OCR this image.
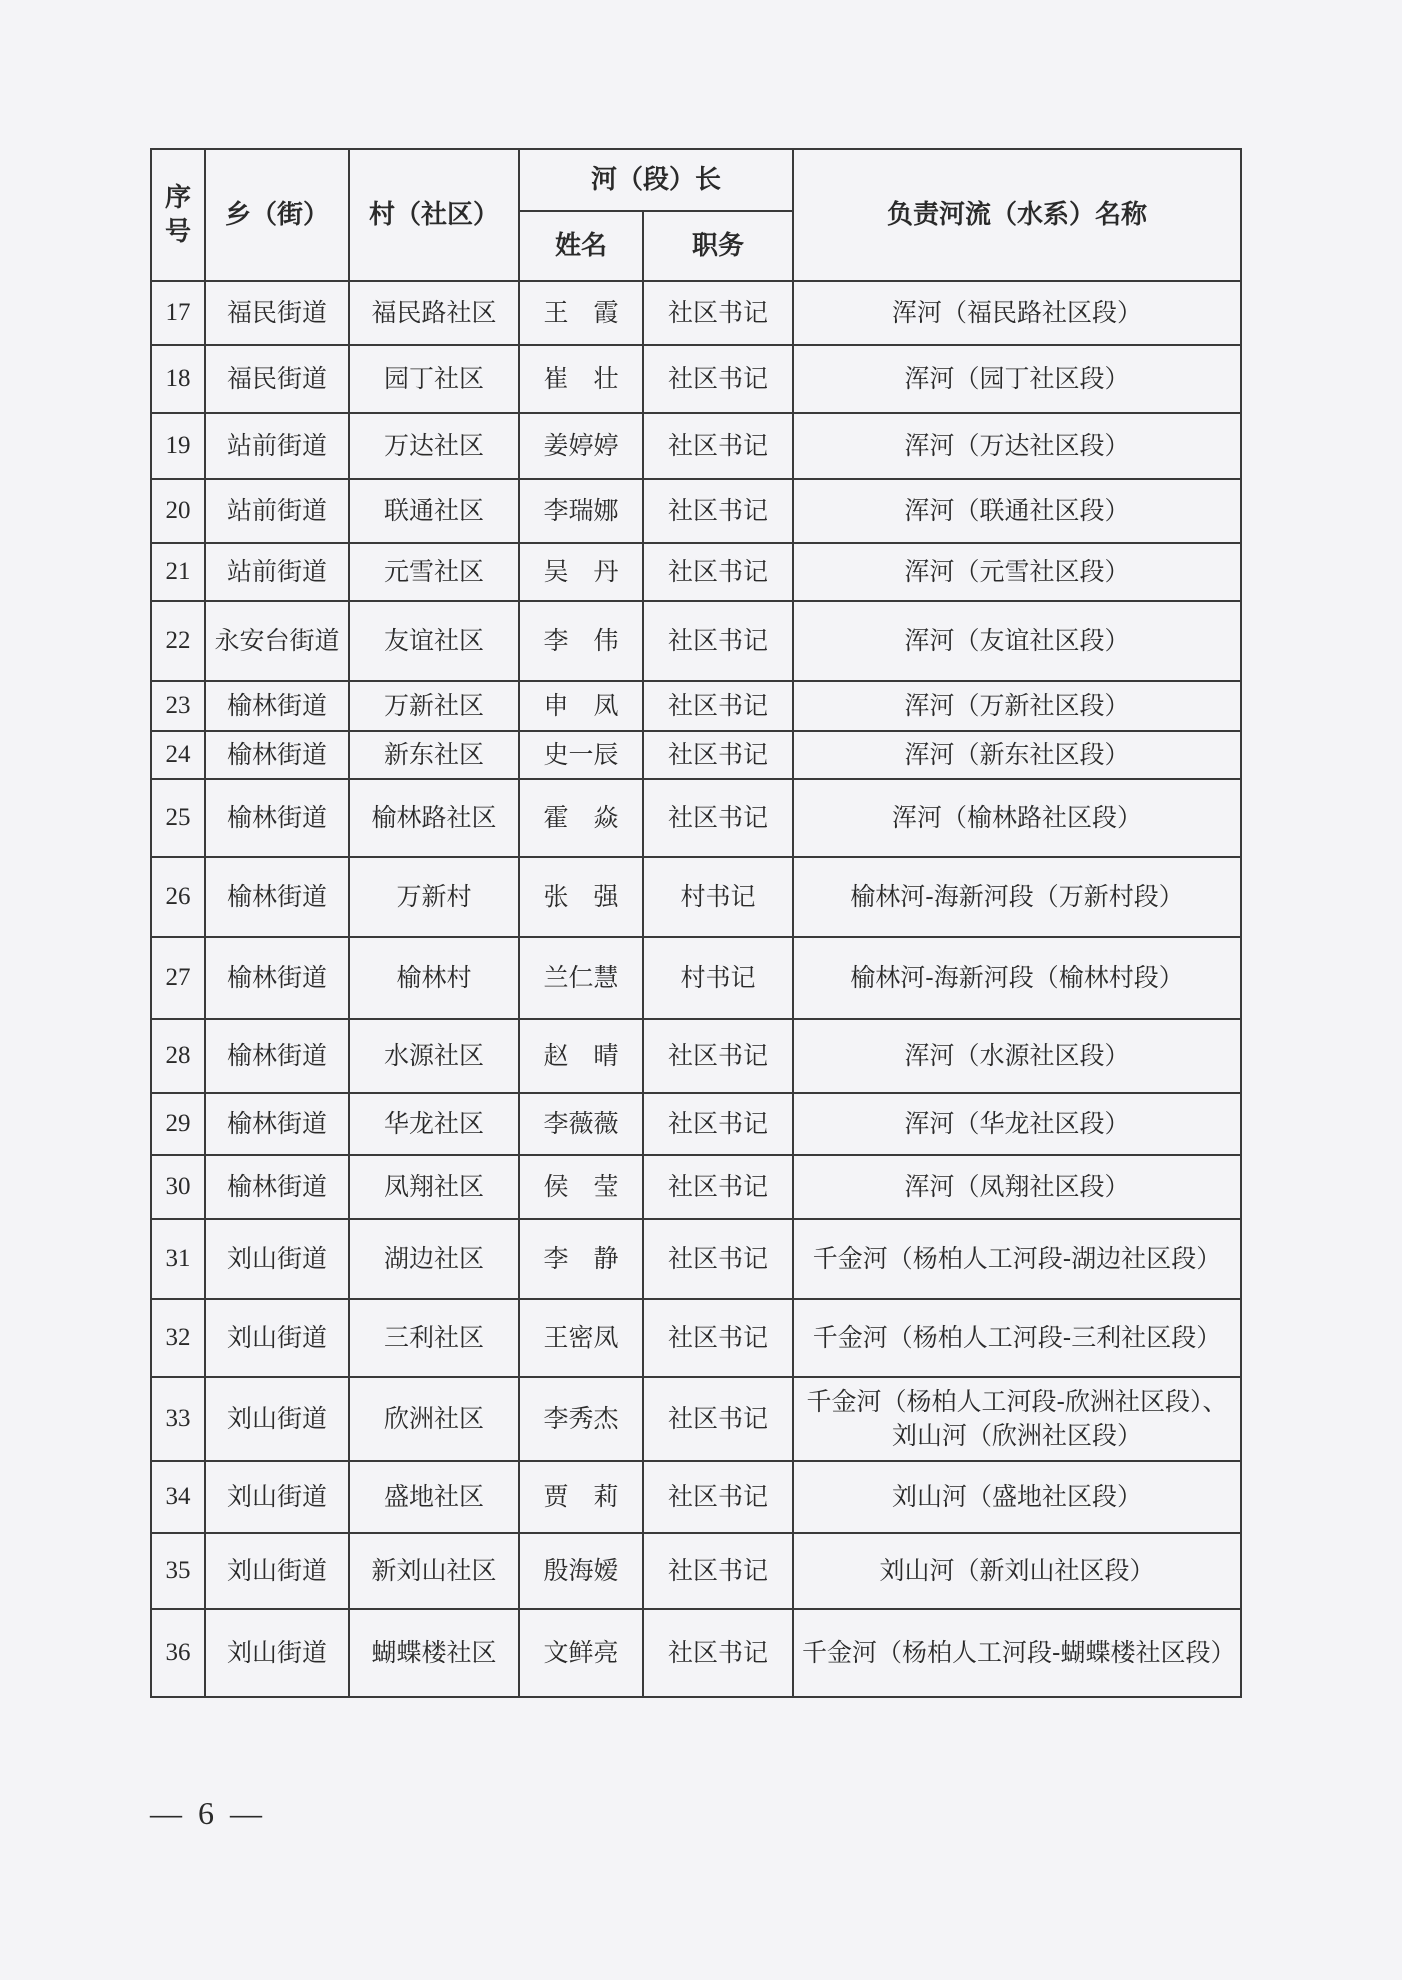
序号	乡（街）	村（社区）	河（段）长		负责河流（水系）名称
			姓名	职务	
17	福民街道	福民路社区	王　霞	社区书记	浑河（福民路社区段）
18	福民街道	园丁社区	崔　壮	社区书记	浑河（园丁社区段）
19	站前街道	万达社区	姜婷婷	社区书记	浑河（万达社区段）
20	站前街道	联通社区	李瑞娜	社区书记	浑河（联通社区段）
21	站前街道	元雪社区	吴　丹	社区书记	浑河（元雪社区段）
22	永安台街道	友谊社区	李　伟	社区书记	浑河（友谊社区段）
23	榆林街道	万新社区	申　凤	社区书记	浑河（万新社区段）
24	榆林街道	新东社区	史一辰	社区书记	浑河（新东社区段）
25	榆林街道	榆林路社区	霍　焱	社区书记	浑河（榆林路社区段）
26	榆林街道	万新村	张　强	村书记	榆林河-海新河段（万新村段）
27	榆林街道	榆林村	兰仁慧	村书记	榆林河-海新河段（榆林村段）
28	榆林街道	水源社区	赵　晴	社区书记	浑河（水源社区段）
29	榆林街道	华龙社区	李薇薇	社区书记	浑河（华龙社区段）
30	榆林街道	凤翔社区	侯　莹	社区书记	浑河（凤翔社区段）
31	刘山街道	湖边社区	李　静	社区书记	千金河（杨柏人工河段-湖边社区段）
32	刘山街道	三利社区	王密凤	社区书记	千金河（杨柏人工河段-三利社区段）
33	刘山街道	欣洲社区	李秀杰	社区书记	千金河（杨柏人工河段-欣洲社区段）、刘山河（欣洲社区段）
34	刘山街道	盛地社区	贾　莉	社区书记	刘山河（盛地社区段）
35	刘山街道	新刘山社区	殷海嫒	社区书记	刘山河（新刘山社区段）
36	刘山街道	蝴蝶楼社区	文鲜亮	社区书记	千金河（杨柏人工河段-蝴蝶楼社区段）
— 6 —
